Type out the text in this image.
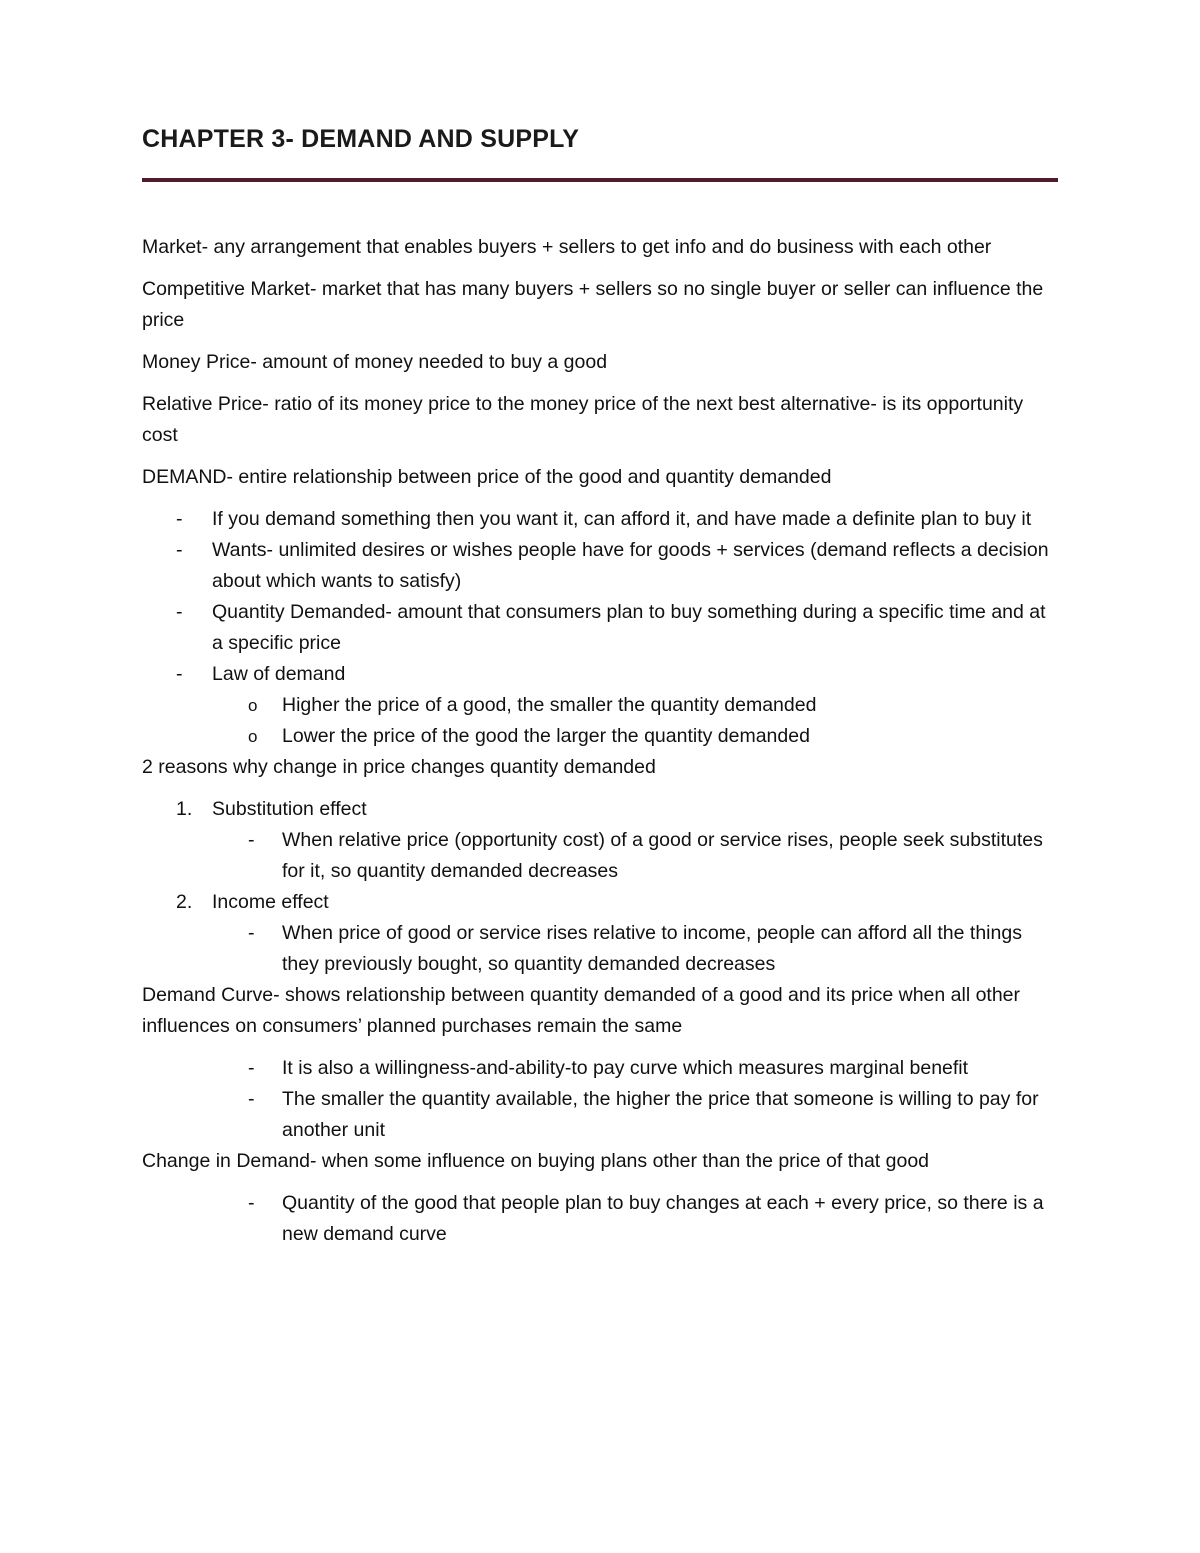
CHAPTER 3- DEMAND AND SUPPLY

Market- any arrangement that enables buyers + sellers to get info and do business with each other

Competitive Market- market that has many buyers + sellers so no single buyer or seller can influence the price

Money Price- amount of money needed to buy a good

Relative Price- ratio of its money price to the money price of the next best alternative- is its opportunity cost

DEMAND- entire relationship between price of the good and quantity demanded

- If you demand something then you want it, can afford it, and have made a definite plan to buy it
- Wants- unlimited desires or wishes people have for goods + services (demand reflects a decision about which wants to satisfy)
- Quantity Demanded- amount that consumers plan to buy something during a specific time and at a specific price
- Law of demand
o Higher the price of a good, the smaller the quantity demanded
o Lower the price of the good the larger the quantity demanded

2 reasons why change in price changes quantity demanded

1. Substitution effect
- When relative price (opportunity cost) of a good or service rises, people seek substitutes for it, so quantity demanded decreases
2. Income effect
- When price of good or service rises relative to income, people can afford all the things they previously bought, so quantity demanded decreases

Demand Curve- shows relationship between quantity demanded of a good and its price when all other influences on consumers’ planned purchases remain the same

- It is also a willingness-and-ability-to pay curve which measures marginal benefit
- The smaller the quantity available, the higher the price that someone is willing to pay for another unit

Change in Demand- when some influence on buying plans other than the price of that good

- Quantity of the good that people plan to buy changes at each + every price, so there is a new demand curve
